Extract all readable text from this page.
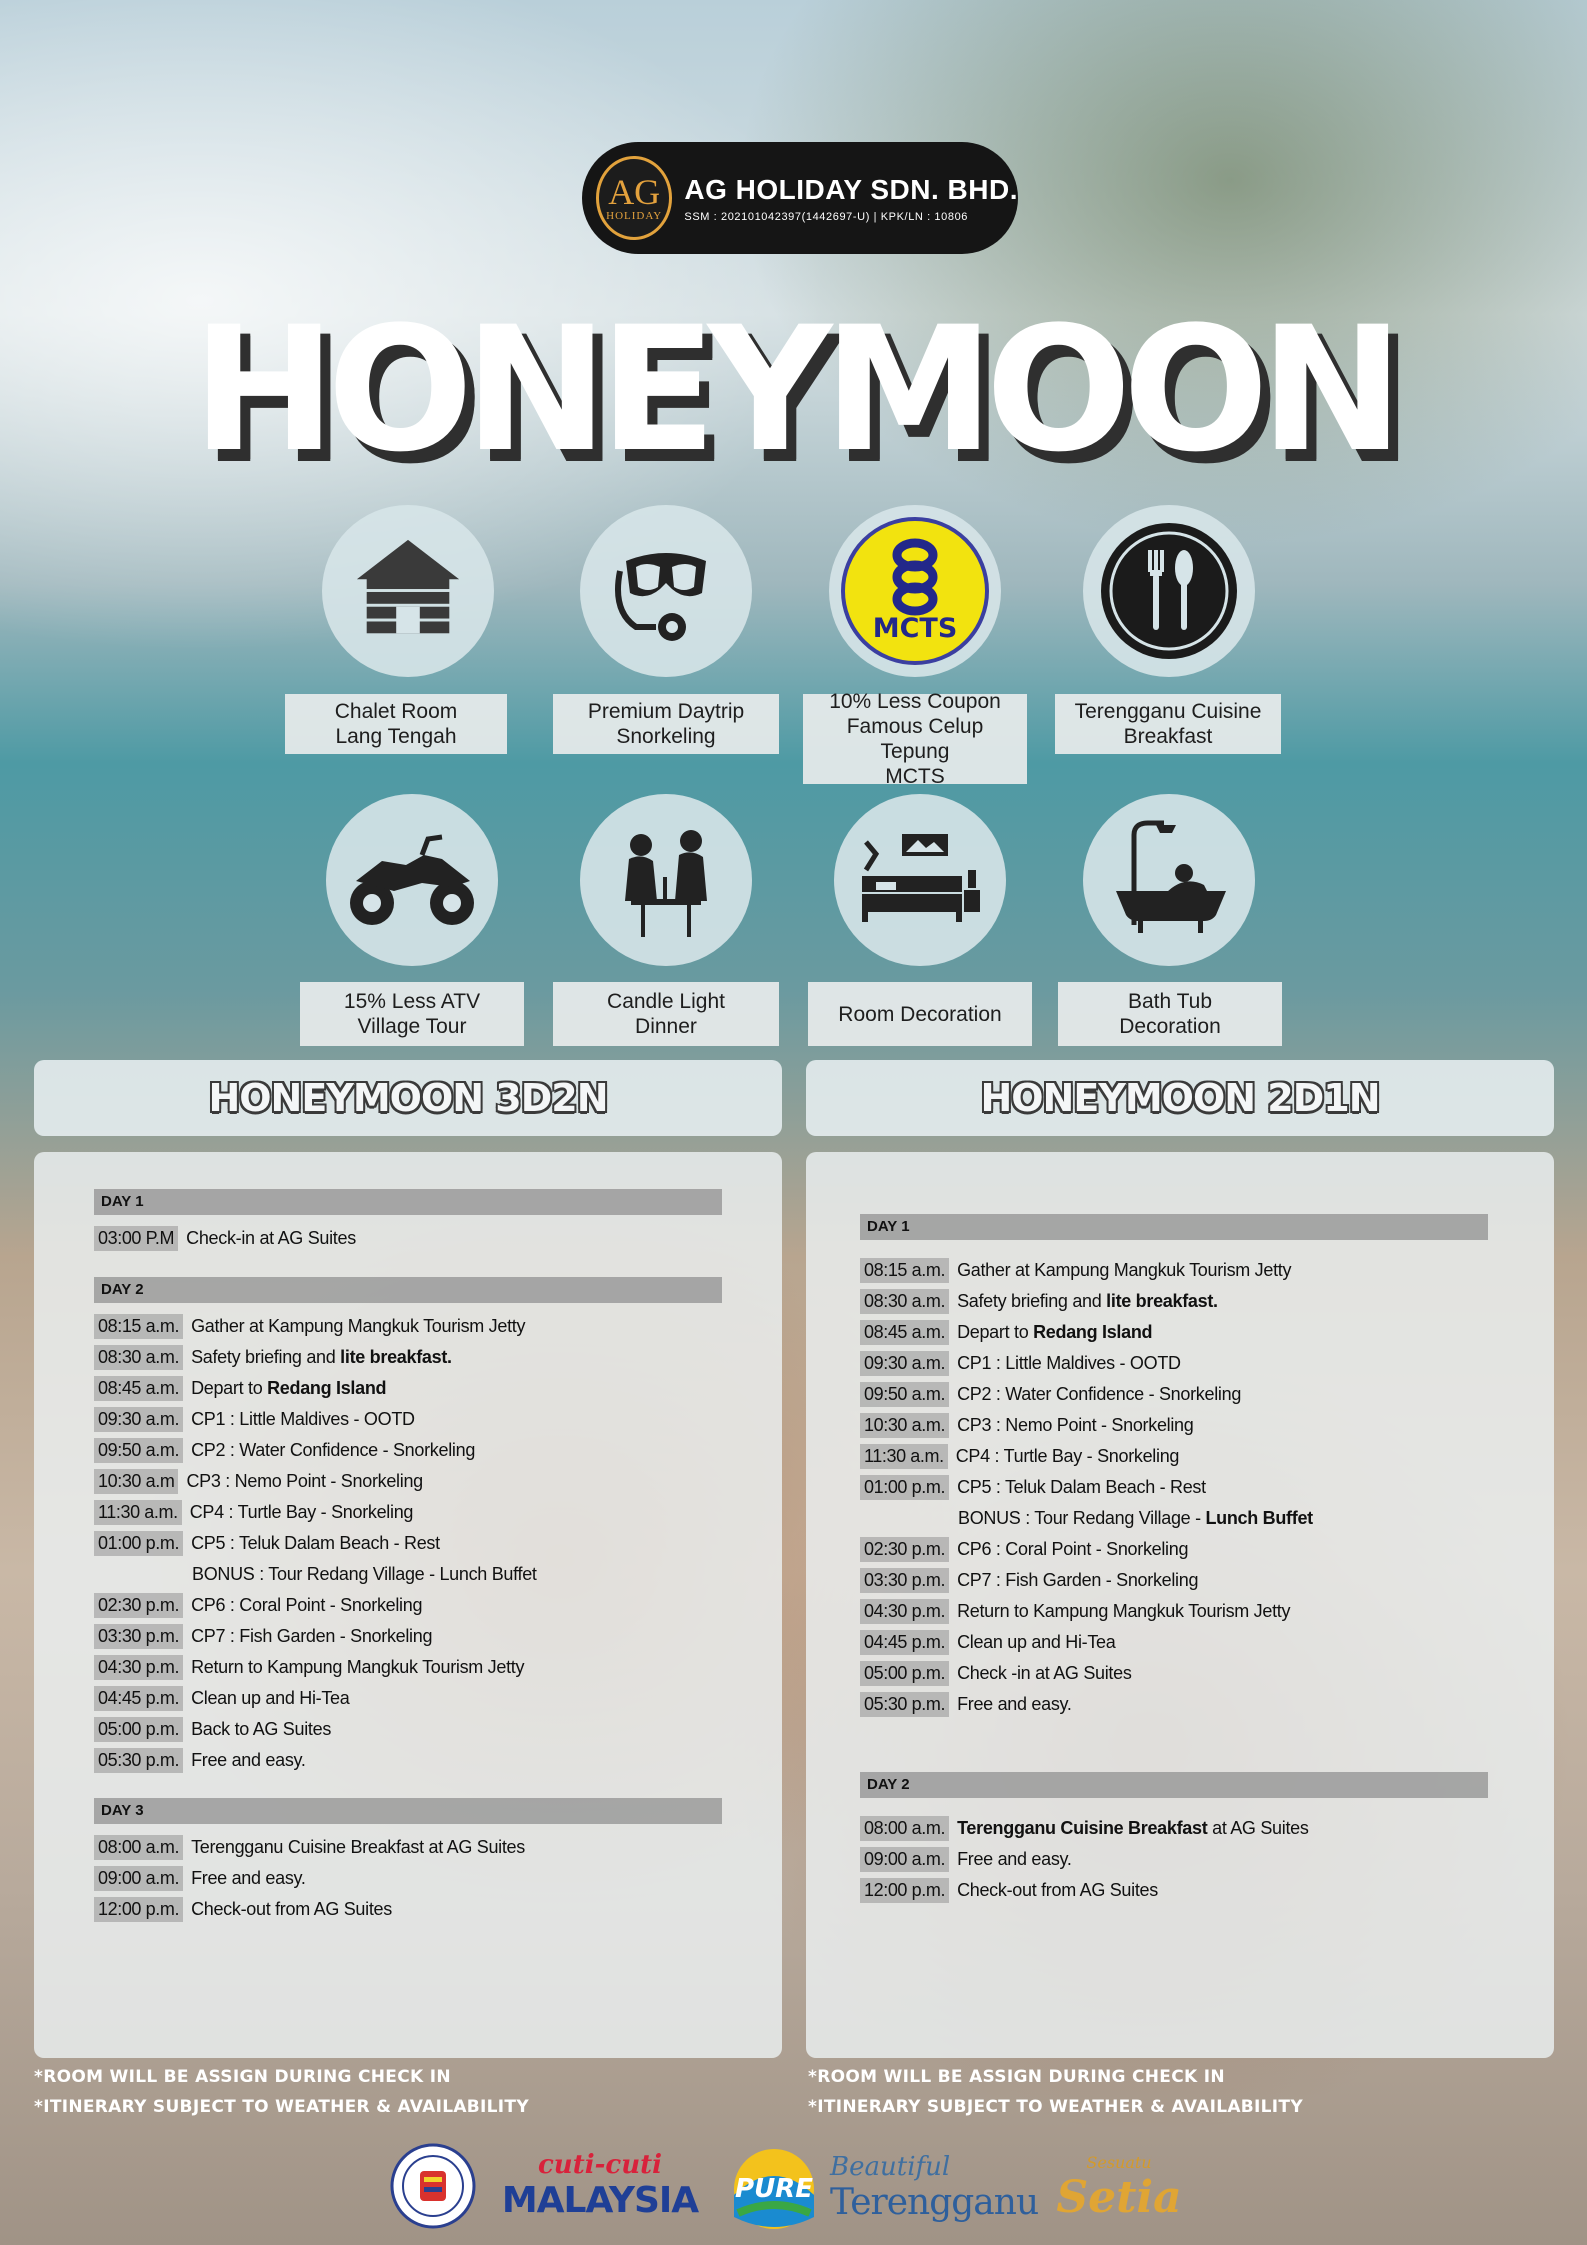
AG
HOLIDAY
AG HOLIDAY SDN. BHD.
SSM : 202101042397(1442697-U) | KPK/LN : 10806
HONEYMOON
Chalet Room
Lang Tengah
Premium Daytrip
Snorkeling
MCTS
10% Less Coupon
Famous Celup Tepung
MCTS
Terengganu Cuisine
Breakfast
15% Less ATV
Village Tour
Candle Light
Dinner
Room Decoration
Bath Tub
Decoration
HONEYMOON 3D2N	HONEYMOON 2D1N
DAY 1
03:00 P.M Check-in at AG Suites
DAY 2
08:15 a.m. Gather at Kampung Mangkuk Tourism Jetty
08:30 a.m. Safety briefing and lite breakfast.
08:45 a.m. Depart to Redang Island
09:30 a.m. CP1 : Little Maldives - OOTD
09:50 a.m. CP2 : Water Confidence - Snorkeling
10:30 a.m CP3 : Nemo Point - Snorkeling
11:30 a.m. CP4 : Turtle Bay - Snorkeling
01:00 p.m. CP5 : Teluk Dalam Beach - Rest
BONUS : Tour Redang Village - Lunch Buffet
02:30 p.m. CP6 : Coral Point - Snorkeling
03:30 p.m. CP7 : Fish Garden - Snorkeling
04:30 p.m. Return to Kampung Mangkuk Tourism Jetty
04:45 p.m. Clean up and Hi-Tea
05:00 p.m. Back to AG Suites
05:30 p.m. Free and easy.
DAY 3
08:00 a.m. Terengganu Cuisine Breakfast at AG Suites
09:00 a.m. Free and easy.
12:00 p.m. Check-out from AG Suites
DAY 1
08:15 a.m. Gather at Kampung Mangkuk Tourism Jetty
08:30 a.m. Safety briefing and lite breakfast.
08:45 a.m. Depart to Redang Island
09:30 a.m. CP1 : Little Maldives - OOTD
09:50 a.m. CP2 : Water Confidence - Snorkeling
10:30 a.m. CP3 : Nemo Point - Snorkeling
11:30 a.m. CP4 : Turtle Bay - Snorkeling
01:00 p.m. CP5 : Teluk Dalam Beach - Rest
BONUS : Tour Redang Village - Lunch Buffet
02:30 p.m. CP6 : Coral Point - Snorkeling
03:30 p.m. CP7 : Fish Garden - Snorkeling
04:30 p.m. Return to Kampung Mangkuk Tourism Jetty
04:45 p.m. Clean up and Hi-Tea
05:00 p.m. Check -in at AG Suites
05:30 p.m. Free and easy.
DAY 2
08:00 a.m. Terengganu Cuisine Breakfast at AG Suites
09:00 a.m. Free and easy.
12:00 p.m. Check-out from AG Suites
*ROOM WILL BE ASSIGN DURING CHECK IN
*ITINERARY SUBJECT TO WEATHER & AVAILABILITY
*ROOM WILL BE ASSIGN DURING CHECK IN
*ITINERARY SUBJECT TO WEATHER & AVAILABILITY
cuti-cuti
MALAYSIA PURE
Beautiful
Terengganu
Sesuatu
Setia
